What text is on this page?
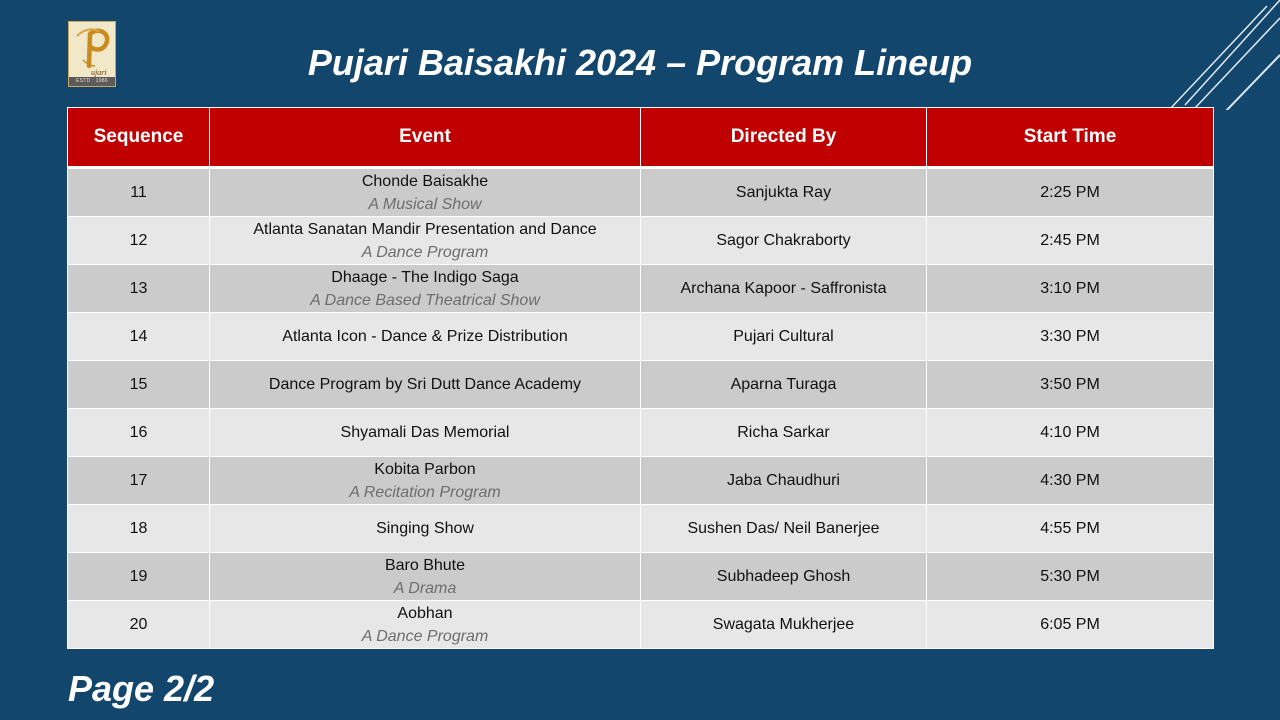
ujari
ESTD : 1986	Pujari Baisakhi 2024 – Program Lineup
Sequence	Event	Directed By	Start Time
11	Chonde Baisakhe
A Musical Show	Sanjukta Ray	2:25 PM
12	Atlanta Sanatan Mandir Presentation and Dance
A Dance Program	Sagor Chakraborty	2:45 PM
13	Dhaage - The Indigo Saga
A Dance Based Theatrical Show	Archana Kapoor - Saffronista	3:10 PM
14	Atlanta Icon - Dance & Prize Distribution	Pujari Cultural	3:30 PM
15	Dance Program by Sri Dutt Dance Academy	Aparna Turaga	3:50 PM
16	Shyamali Das Memorial	Richa Sarkar	4:10 PM
17	Kobita Parbon
A Recitation Program	Jaba Chaudhuri	4:30 PM
18	Singing Show	Sushen Das/ Neil Banerjee	4:55 PM
19	Baro Bhute
A Drama	Subhadeep Ghosh	5:30 PM
20	Aobhan
A Dance Program	Swagata Mukherjee	6:05 PM

Page 2/2
